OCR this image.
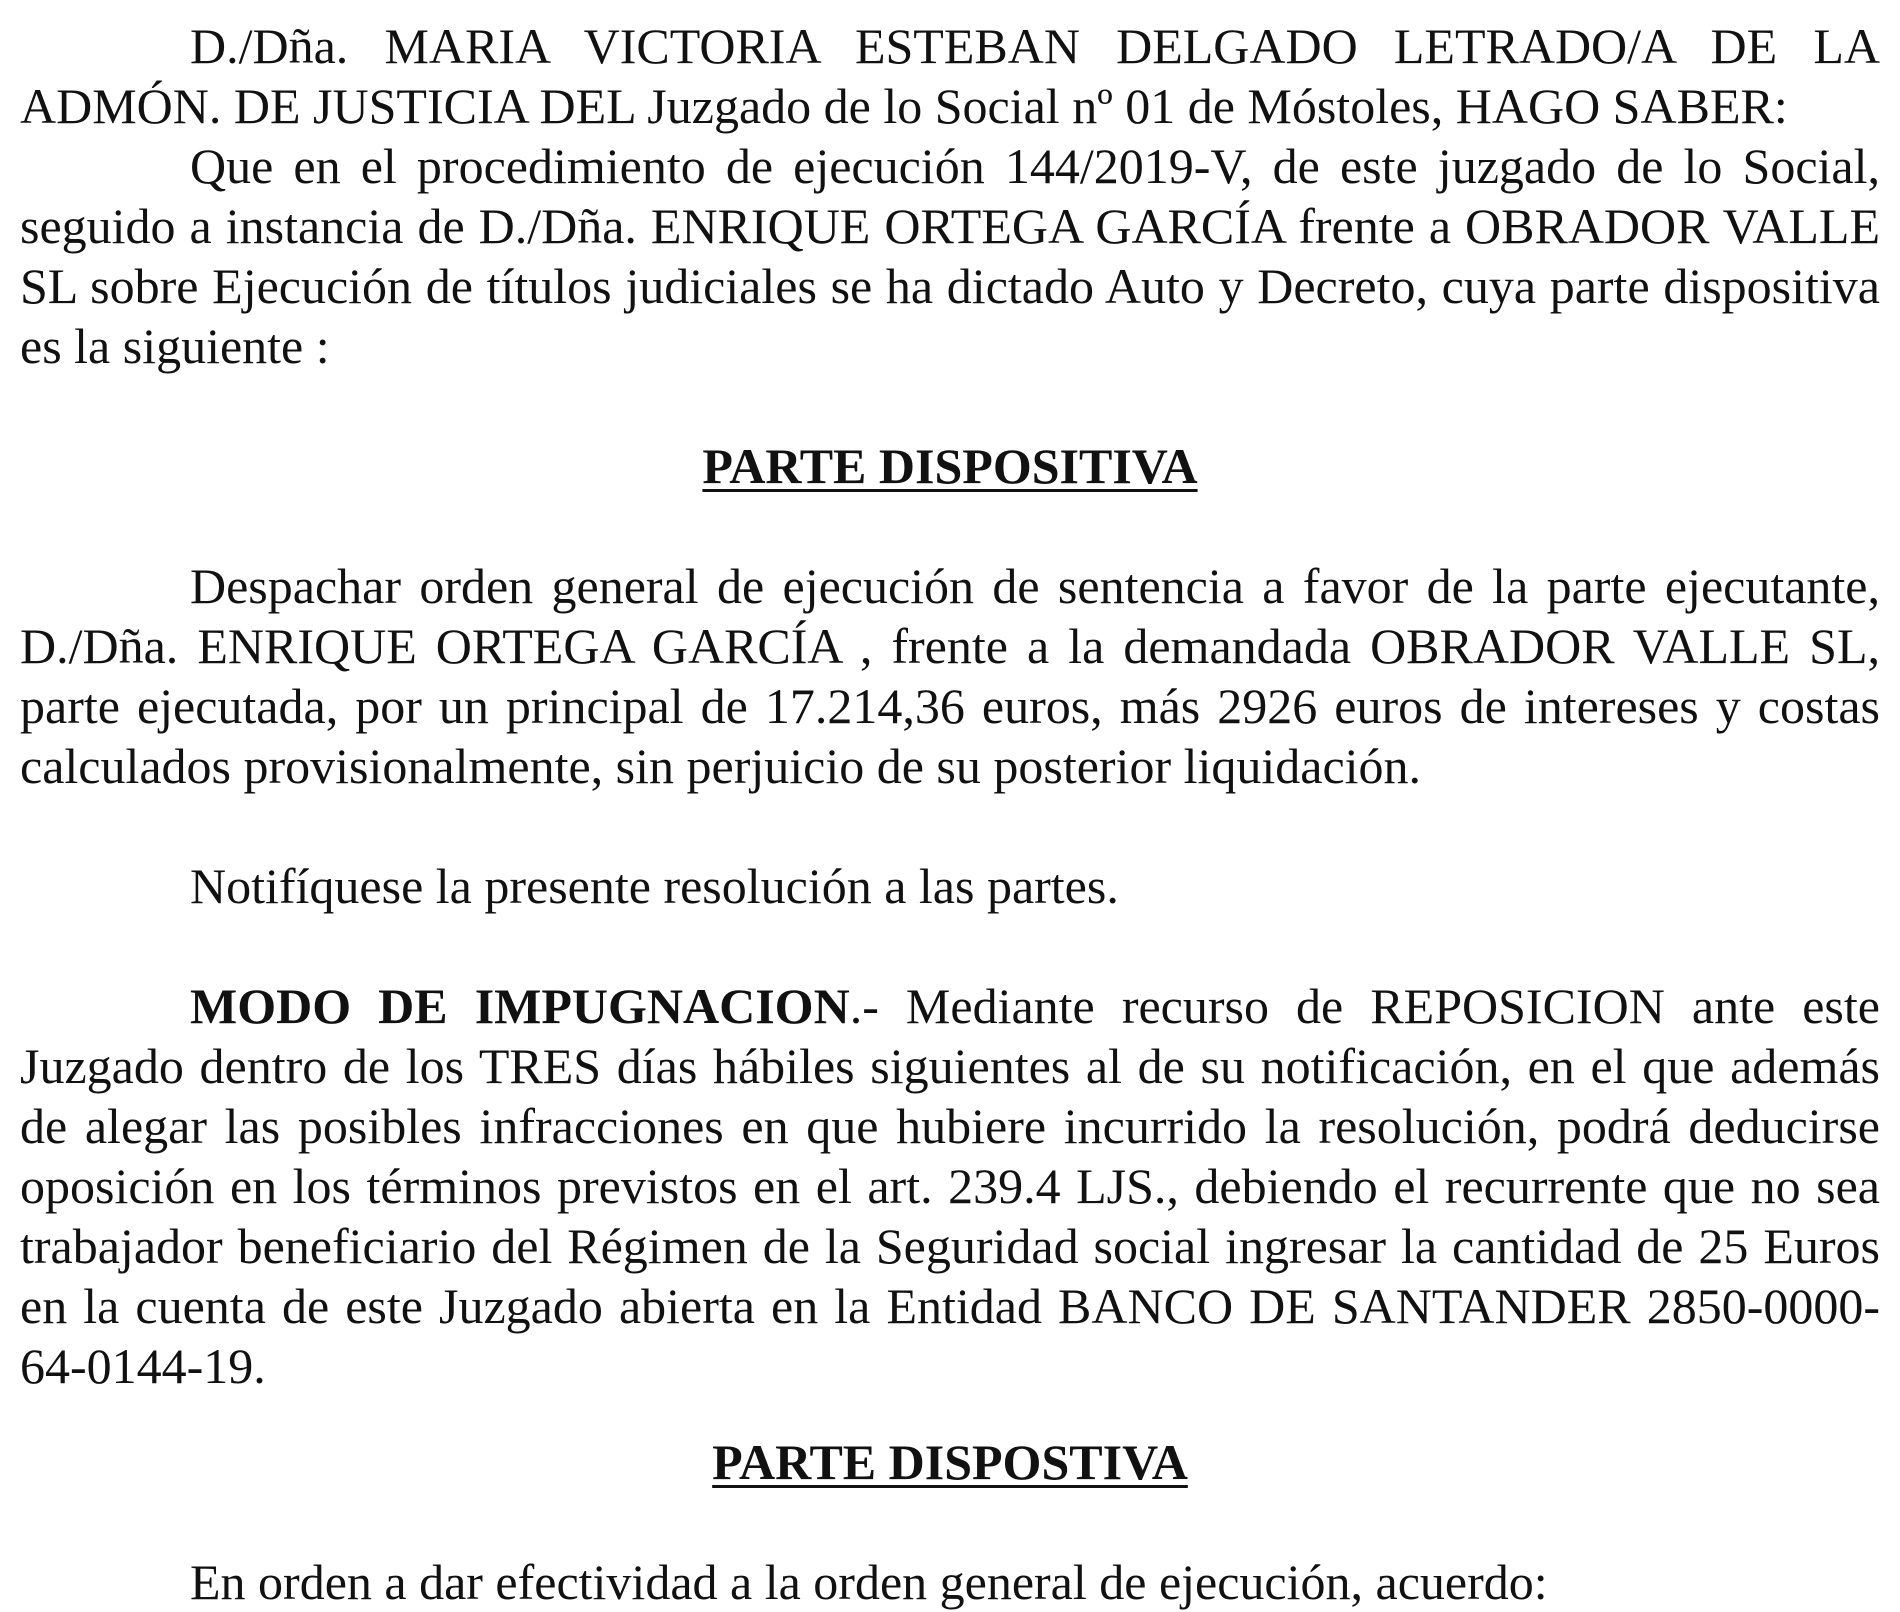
D./Dña. MARIA VICTORIA ESTEBAN DELGADO LETRADO/A DE LA ADMÓN. DE JUSTICIA DEL Juzgado de lo Social nº 01 de Móstoles, HAGO SABER:

Que en el procedimiento de ejecución 144/2019-V, de este juzgado de lo Social, seguido a instancia de D./Dña. ENRIQUE ORTEGA GARCÍA frente a OBRADOR VALLE SL sobre Ejecución de títulos judiciales se ha dictado Auto y Decreto, cuya parte dispositiva es la siguiente :

PARTE DISPOSITIVA

Despachar orden general de ejecución de sentencia a favor de la parte ejecutante, D./Dña. ENRIQUE ORTEGA GARCÍA , frente a la demandada OBRADOR VALLE SL, parte ejecutada, por un principal de 17.214,36 euros, más 2926 euros de intereses y costas calculados provisionalmente, sin perjuicio de su posterior liquidación.

Notifíquese la presente resolución a las partes.

MODO DE IMPUGNACION.- Mediante recurso de REPOSICION ante este Juzgado dentro de los TRES días hábiles siguientes al de su notificación, en el que además de alegar las posibles infracciones en que hubiere incurrido la resolución, podrá deducirse oposición en los términos previstos en el art. 239.4 LJS., debiendo el recurrente que no sea trabajador beneficiario del Régimen de la Seguridad social ingresar la cantidad de 25 Euros en la cuenta de este Juzgado abierta en la Entidad BANCO DE SANTANDER 2850-0000-64-0144-19.

PARTE DISPOSTIVA

En orden a dar efectividad a la orden general de ejecución, acuerdo:
